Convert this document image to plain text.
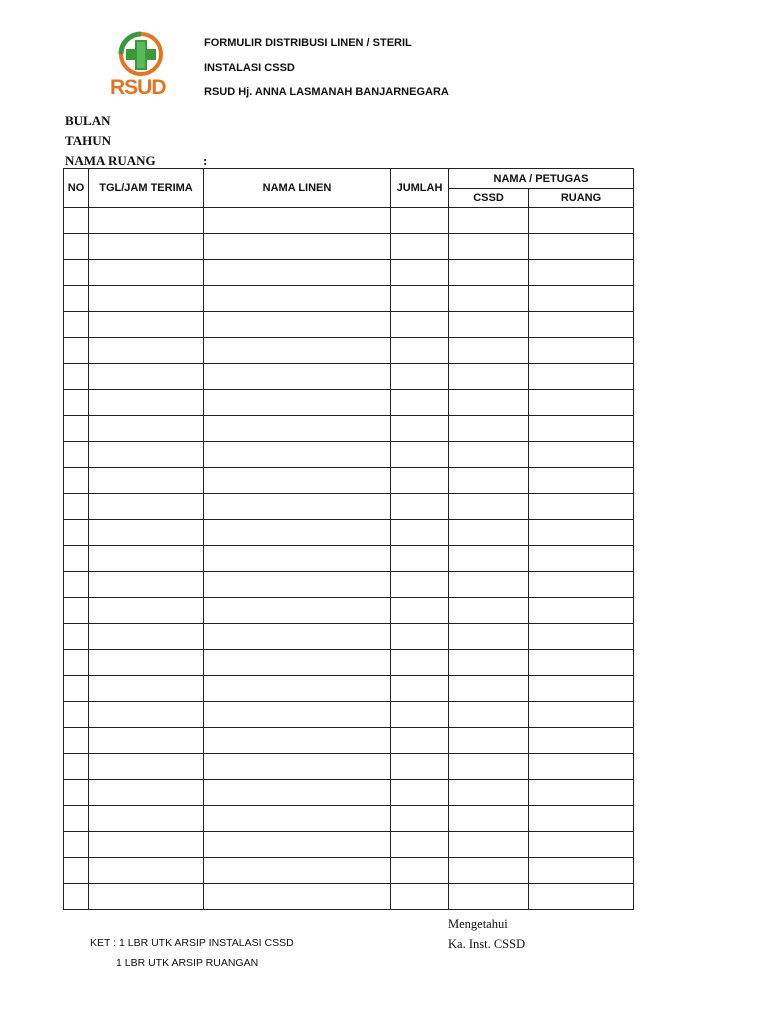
RSUD
FORMULIR DISTRIBUSI LINEN / STERIL
INSTALASI CSSD
RSUD Hj. ANNA LASMANAH BANJARNEGARA
BULAN
TAHUN
NAMA RUANG	:
NO	TGL/JAM TERIMA	NAMA LINEN	JUMLAH	NAMA / PETUGAS	
				CSSD	RUANG

KET : 1 LBR UTK ARSIP INSTALASI CSSD
1 LBR UTK ARSIP RUANGAN
Mengetahui
Ka. Inst. CSSD
